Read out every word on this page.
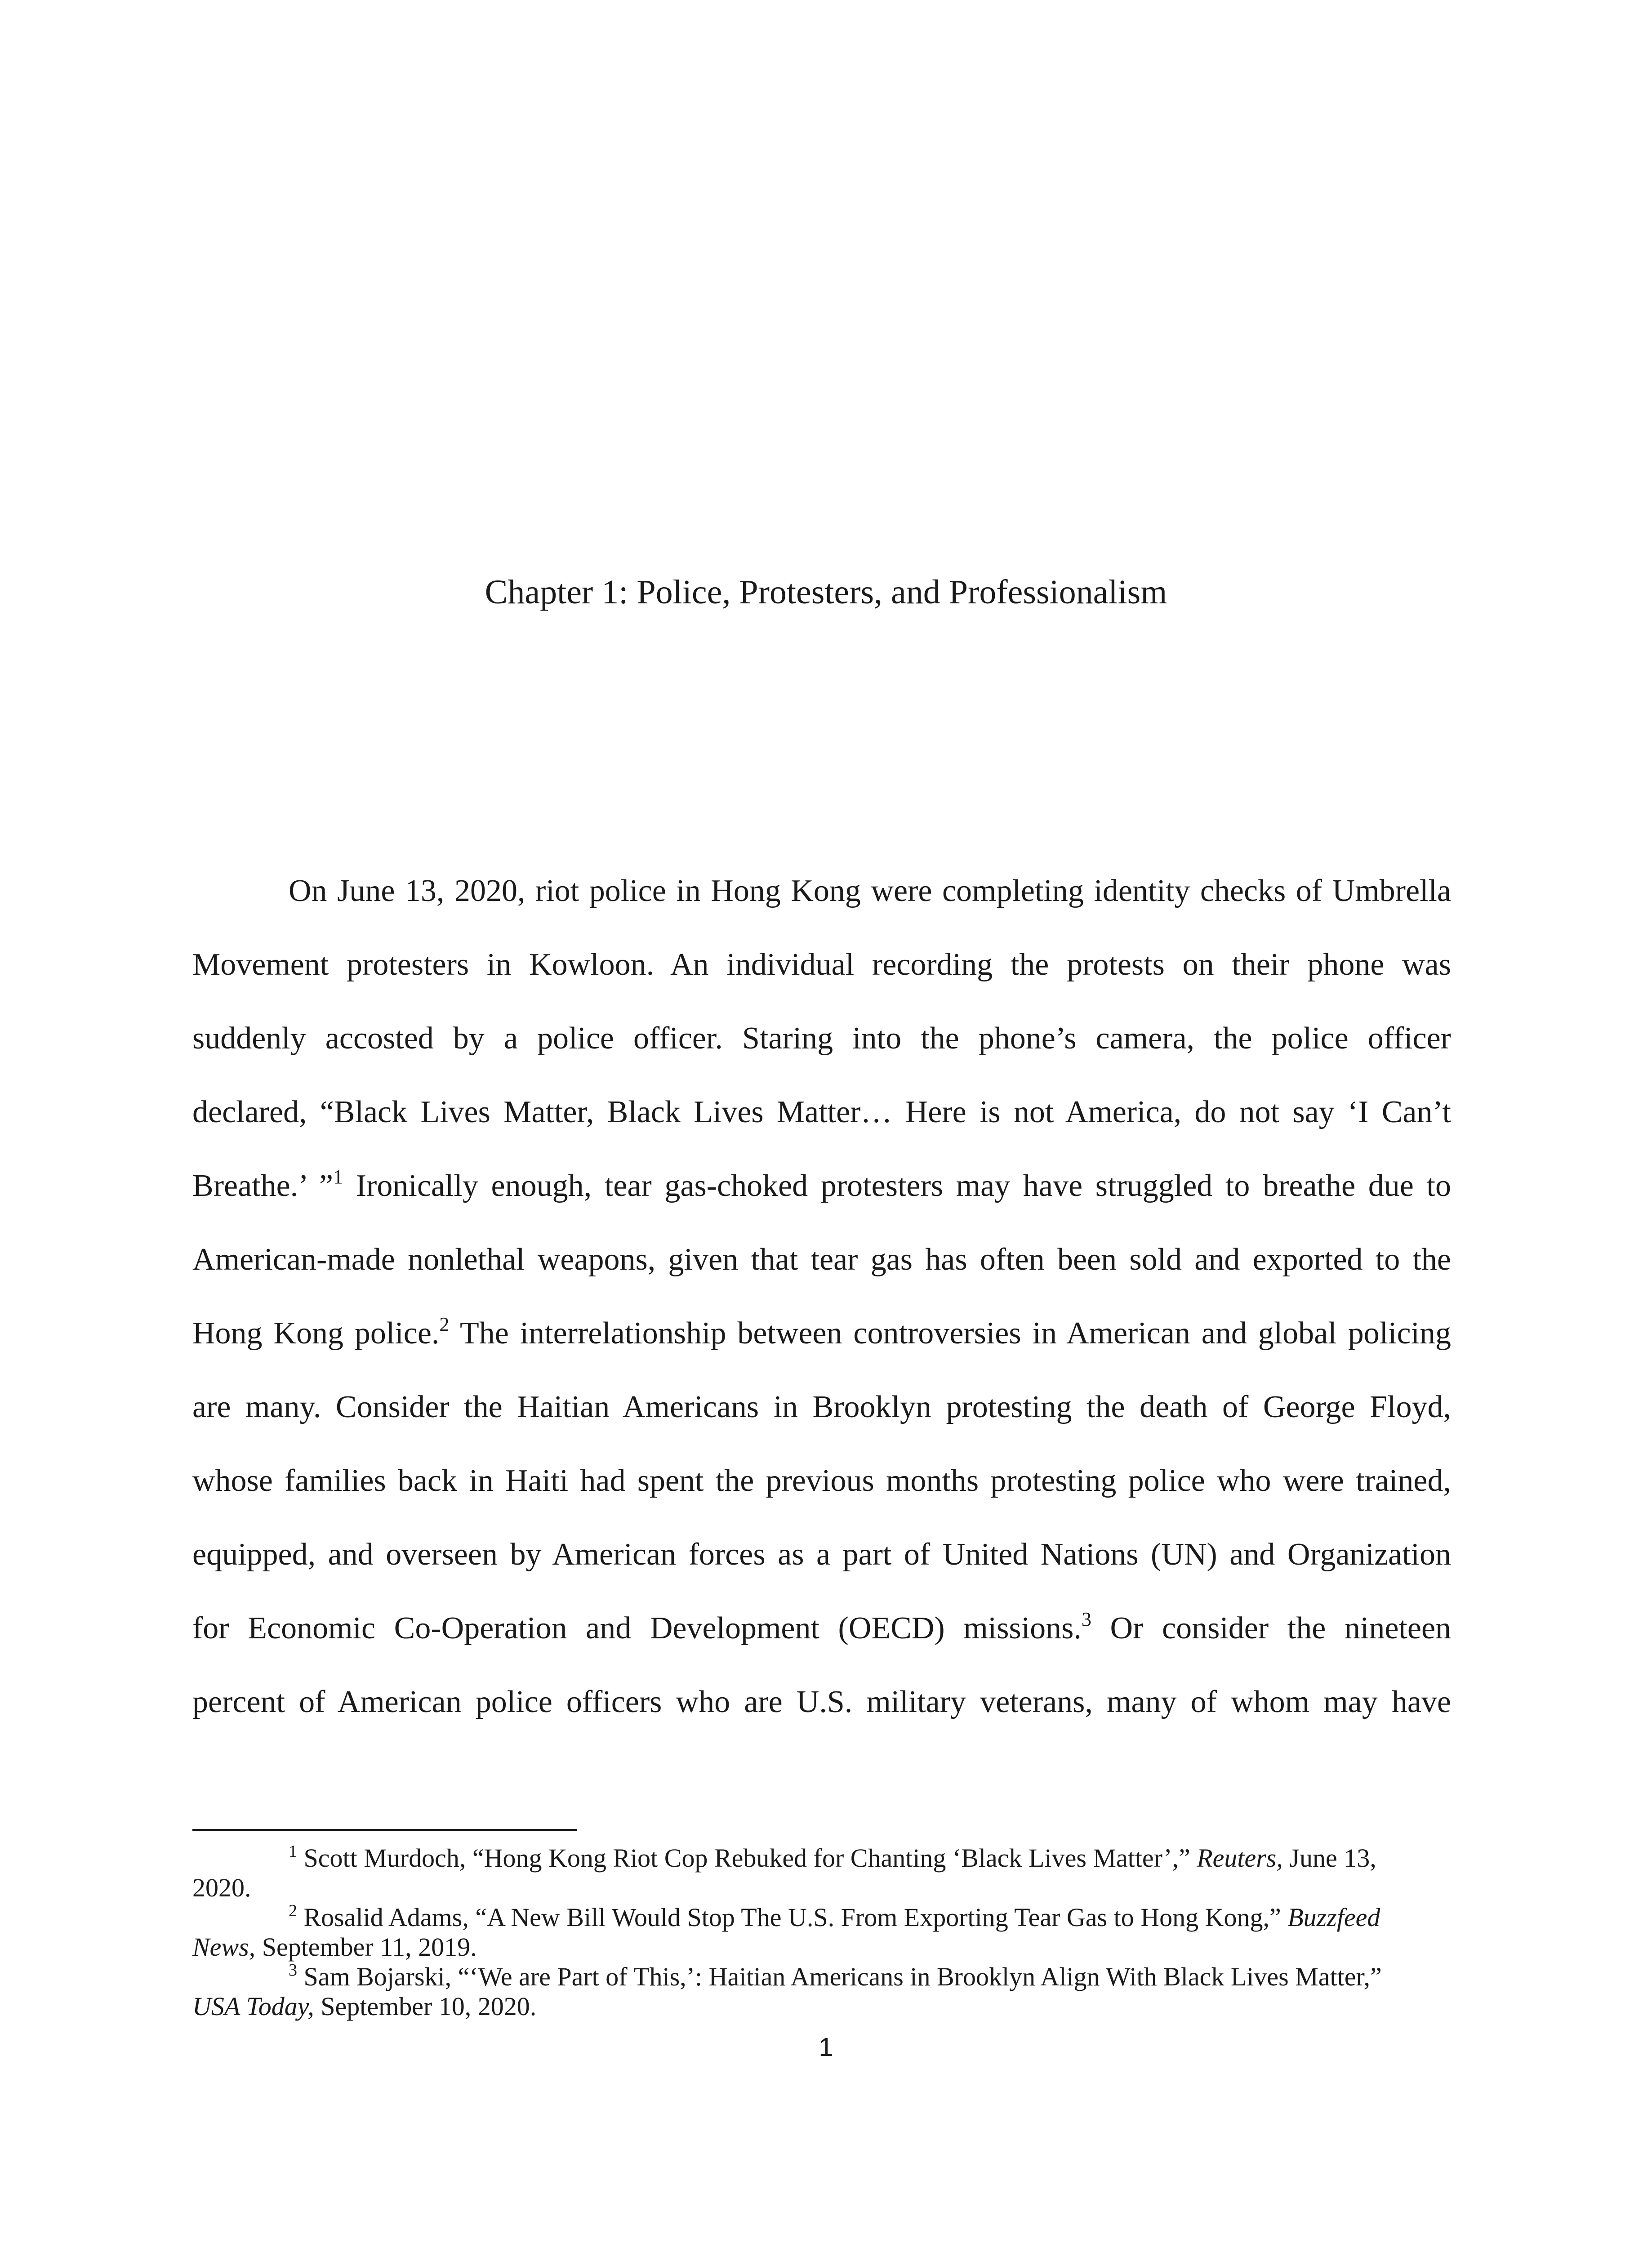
Chapter 1: Police, Protesters, and Professionalism
On June 13, 2020, riot police in Hong Kong were completing identity checks of Umbrella
Movement protesters in Kowloon. An individual recording the protests on their phone was
suddenly accosted by a police officer. Staring into the phone’s camera, the police officer
declared, “Black Lives Matter, Black Lives Matter… Here is not America, do not say ‘I Can’t
Breathe.’ ”$^1$ Ironically enough, tear gas-choked protesters may have struggled to breathe due to
American-made nonlethal weapons, given that tear gas has often been sold and exported to the
Hong Kong police.$^2$ The interrelationship between controversies in American and global policing
are many. Consider the Haitian Americans in Brooklyn protesting the death of George Floyd,
whose families back in Haiti had spent the previous months protesting police who were trained,
equipped, and overseen by American forces as a part of United Nations (UN) and Organization
for Economic Co-Operation and Development (OECD) missions.$^3$ Or consider the nineteen
percent of American police officers who are U.S. military veterans, many of whom may have
$^1$ Scott Murdoch, “Hong Kong Riot Cop Rebuked for Chanting ‘Black Lives Matter’,” Reuters, June 13,
2020.
$^2$ Rosalid Adams, “A New Bill Would Stop The U.S. From Exporting Tear Gas to Hong Kong,” Buzzfeed
News, September 11, 2019.
$^3$ Sam Bojarski, “‘We are Part of This,’: Haitian Americans in Brooklyn Align With Black Lives Matter,”
USA Today, September 10, 2020.
1
